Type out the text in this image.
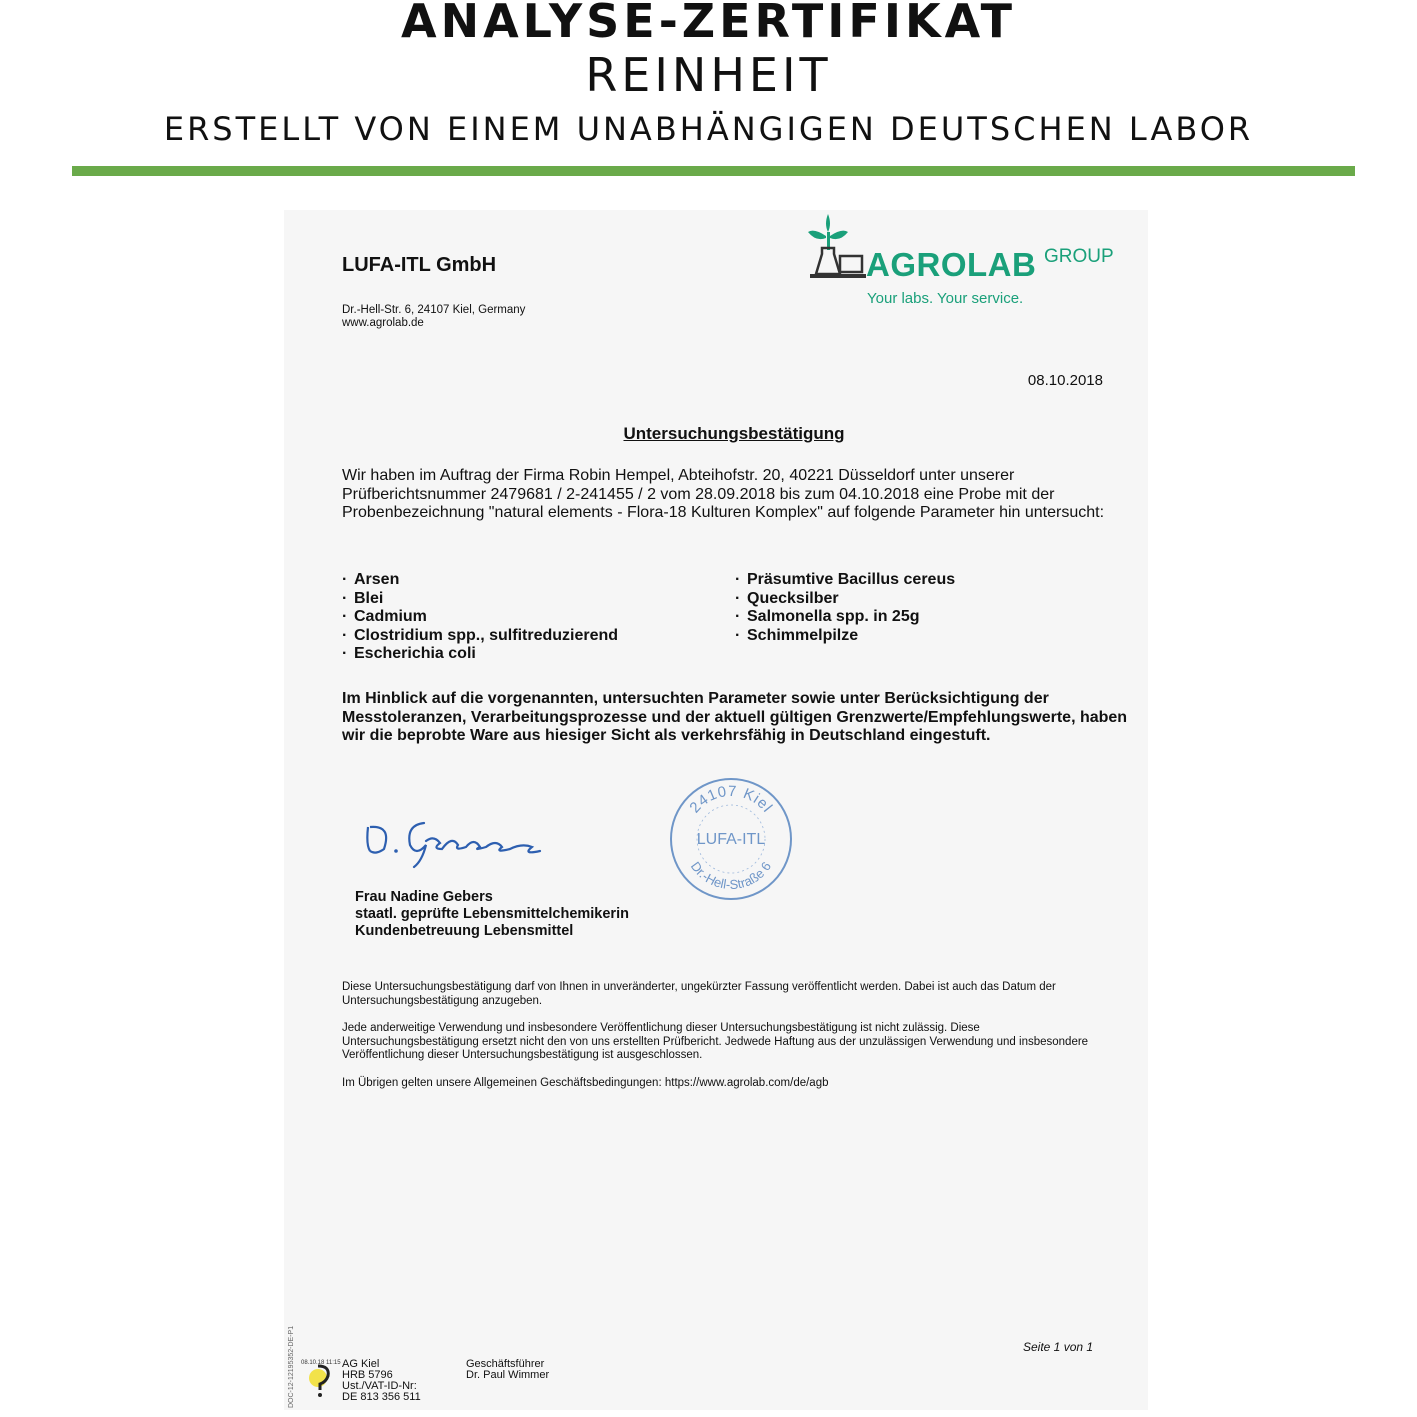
ANALYSE-ZERTIFIKAT
REINHEIT
ERSTELLT VON EINEM UNABHÄNGIGEN DEUTSCHEN LABOR
LUFA-ITL GmbH
Dr.-Hell-Str. 6, 24107 Kiel, Germany
www.agrolab.de
AGROLAB GROUP
Your labs. Your service.
08.10.2018
Untersuchungsbestätigung
Wir haben im Auftrag der Firma Robin Hempel, Abteihofstr. 20, 40221 Düsseldorf unter unserer Prüfberichtsnummer 2479681 / 2-241455 / 2 vom 28.09.2018 bis zum 04.10.2018 eine Probe mit der Probenbezeichnung "natural elements - Flora-18 Kulturen Komplex" auf folgende Parameter hin untersucht:
· Arsen
· Blei
· Cadmium
· Clostridium spp., sulfitreduzierend
· Escherichia coli
· Präsumtive Bacillus cereus
· Quecksilber
· Salmonella spp. in 25g
· Schimmelpilze
Im Hinblick auf die vorgenannten, untersuchten Parameter sowie unter Berücksichtigung der Messtoleranzen, Verarbeitungsprozesse und der aktuell gültigen Grenzwerte/Empfehlungswerte, haben wir die beprobte Ware aus hiesiger Sicht als verkehrsfähig in Deutschland eingestuft.
24107 Kiel
LUFA-ITL
Dr.-Hell-Straße 6
Frau Nadine Gebers
staatl. geprüfte Lebensmittelchemikerin
Kundenbetreuung Lebensmittel

Diese Untersuchungsbestätigung darf von Ihnen in unveränderter, ungekürzter Fassung veröffentlicht werden. Dabei ist auch das Datum der Untersuchungsbestätigung anzugeben.

Jede anderweitige Verwendung und insbesondere Veröffentlichung dieser Untersuchungsbestätigung ist nicht zulässig. Diese Untersuchungsbestätigung ersetzt nicht den von uns erstellten Prüfbericht. Jedwede Haftung aus der unzulässigen Verwendung und insbesondere Veröffentlichung dieser Untersuchungsbestätigung ist ausgeschlossen.

Im Übrigen gelten unsere Allgemeinen Geschäftsbedingungen: https://www.agrolab.com/de/agb

DOC-12-12195352-DE-P1 08.10.18 11:15 AG Kiel
HRB 5796
Ust./VAT-ID-Nr:
DE 813 356 511
Geschäftsführer
Dr. Paul Wimmer
Seite 1 von 1
